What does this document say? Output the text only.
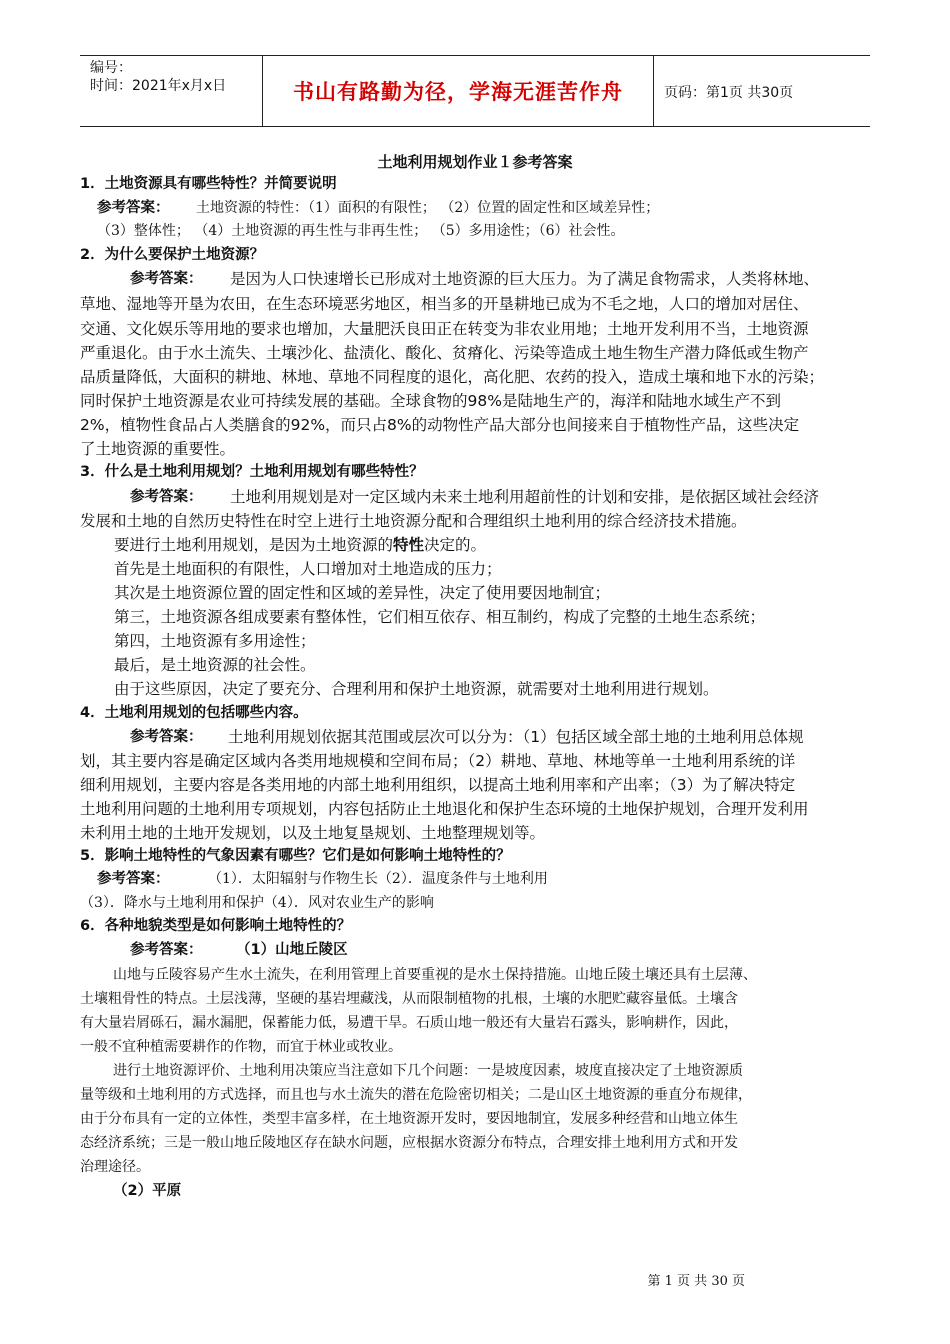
编号：
时间：2021年x月x日	书山有路勤为径，学海无涯苦作舟	页码：第1页 共30页
土地利用规划作业１参考答案
1．土地资源具有哪些特性？并简要说明
参考答案： 土地资源的特性：（1）面积的有限性； （2）位置的固定性和区域差异性；
（3）整体性； （4）土地资源的再生性与非再生性； （5）多用途性；（6）社会性。
2．为什么要保护土地资源？
参考答案： 是因为人口快速增长已形成对土地资源的巨大压力。为了满足食物需求，人类将林地、
草地、湿地等开垦为农田，在生态环境恶劣地区，相当多的开垦耕地已成为不毛之地，人口的增加对居住、
交通、文化娱乐等用地的要求也增加，大量肥沃良田正在转变为非农业用地；土地开发利用不当，土地资源
严重退化。由于水土流失、土壤沙化、盐渍化、酸化、贫瘠化、污染等造成土地生物生产潜力降低或生物产
品质量降低，大面积的耕地、林地、草地不同程度的退化，高化肥、农药的投入，造成土壤和地下水的污染；
同时保护土地资源是农业可持续发展的基础。全球食物的98%是陆地生产的，海洋和陆地水域生产不到
2%，植物性食品占人类膳食的92%，而只占8%的动物性产品大部分也间接来自于植物性产品，这些决定
了土地资源的重要性。
3．什么是土地利用规划？土地利用规划有哪些特性？
参考答案： 土地利用规划是对一定区域内未来土地利用超前性的计划和安排，是依据区域社会经济
发展和土地的自然历史特性在时空上进行土地资源分配和合理组织土地利用的综合经济技术措施。
要进行土地利用规划，是因为土地资源的特性决定的。
首先是土地面积的有限性，人口增加对土地造成的压力；
其次是土地资源位置的固定性和区域的差异性，决定了使用要因地制宜；
第三，土地资源各组成要素有整体性，它们相互依存、相互制约，构成了完整的土地生态系统；
第四，土地资源有多用途性；
最后，是土地资源的社会性。
由于这些原因，决定了要充分、合理利用和保护土地资源，就需要对土地利用进行规划。
4．土地利用规划的包括哪些内容。
参考答案： 土地利用规划依据其范围或层次可以分为：（1）包括区域全部土地的土地利用总体规
划，其主要内容是确定区域内各类用地规模和空间布局；（2）耕地、草地、林地等单一土地利用系统的详
细利用规划，主要内容是各类用地的内部土地利用组织，以提高土地利用率和产出率；（3）为了解决特定
土地利用问题的土地利用专项规划，内容包括防止土地退化和保护生态环境的土地保护规划，合理开发利用
未利用土地的土地开发规划，以及土地复垦规划、土地整理规划等。
5．影响土地特性的气象因素有哪些？它们是如何影响土地特性的？
参考答案：	（1）．太阳辐射与作物生长（2）．温度条件与土地利用
（3）．降水与土地利用和保护（4）．风对农业生产的影响
6．各种地貌类型是如何影响土地特性的？
参考答案： （1）山地丘陵区
山地与丘陵容易产生水土流失，在利用管理上首要重视的是水土保持措施。山地丘陵土壤还具有土层薄、
土壤粗骨性的特点。土层浅薄，坚硬的基岩埋藏浅，从而限制植物的扎根，土壤的水肥贮藏容量低。土壤含
有大量岩屑砾石，漏水漏肥，保蓄能力低，易遭干旱。石质山地一般还有大量岩石露头，影响耕作，因此，
一般不宜种植需要耕作的作物，而宜于林业或牧业。
进行土地资源评价、土地利用决策应当注意如下几个问题：一是坡度因素，坡度直接决定了土地资源质
量等级和土地利用的方式选择，而且也与水土流失的潜在危险密切相关；二是山区土地资源的垂直分布规律，
由于分布具有一定的立体性，类型丰富多样，在土地资源开发时，要因地制宜，发展多种经营和山地立体生
态经济系统；三是一般山地丘陵地区存在缺水问题，应根据水资源分布特点，合理安排土地利用方式和开发
治理途径。
（2）平原
第 1 页 共 30 页
